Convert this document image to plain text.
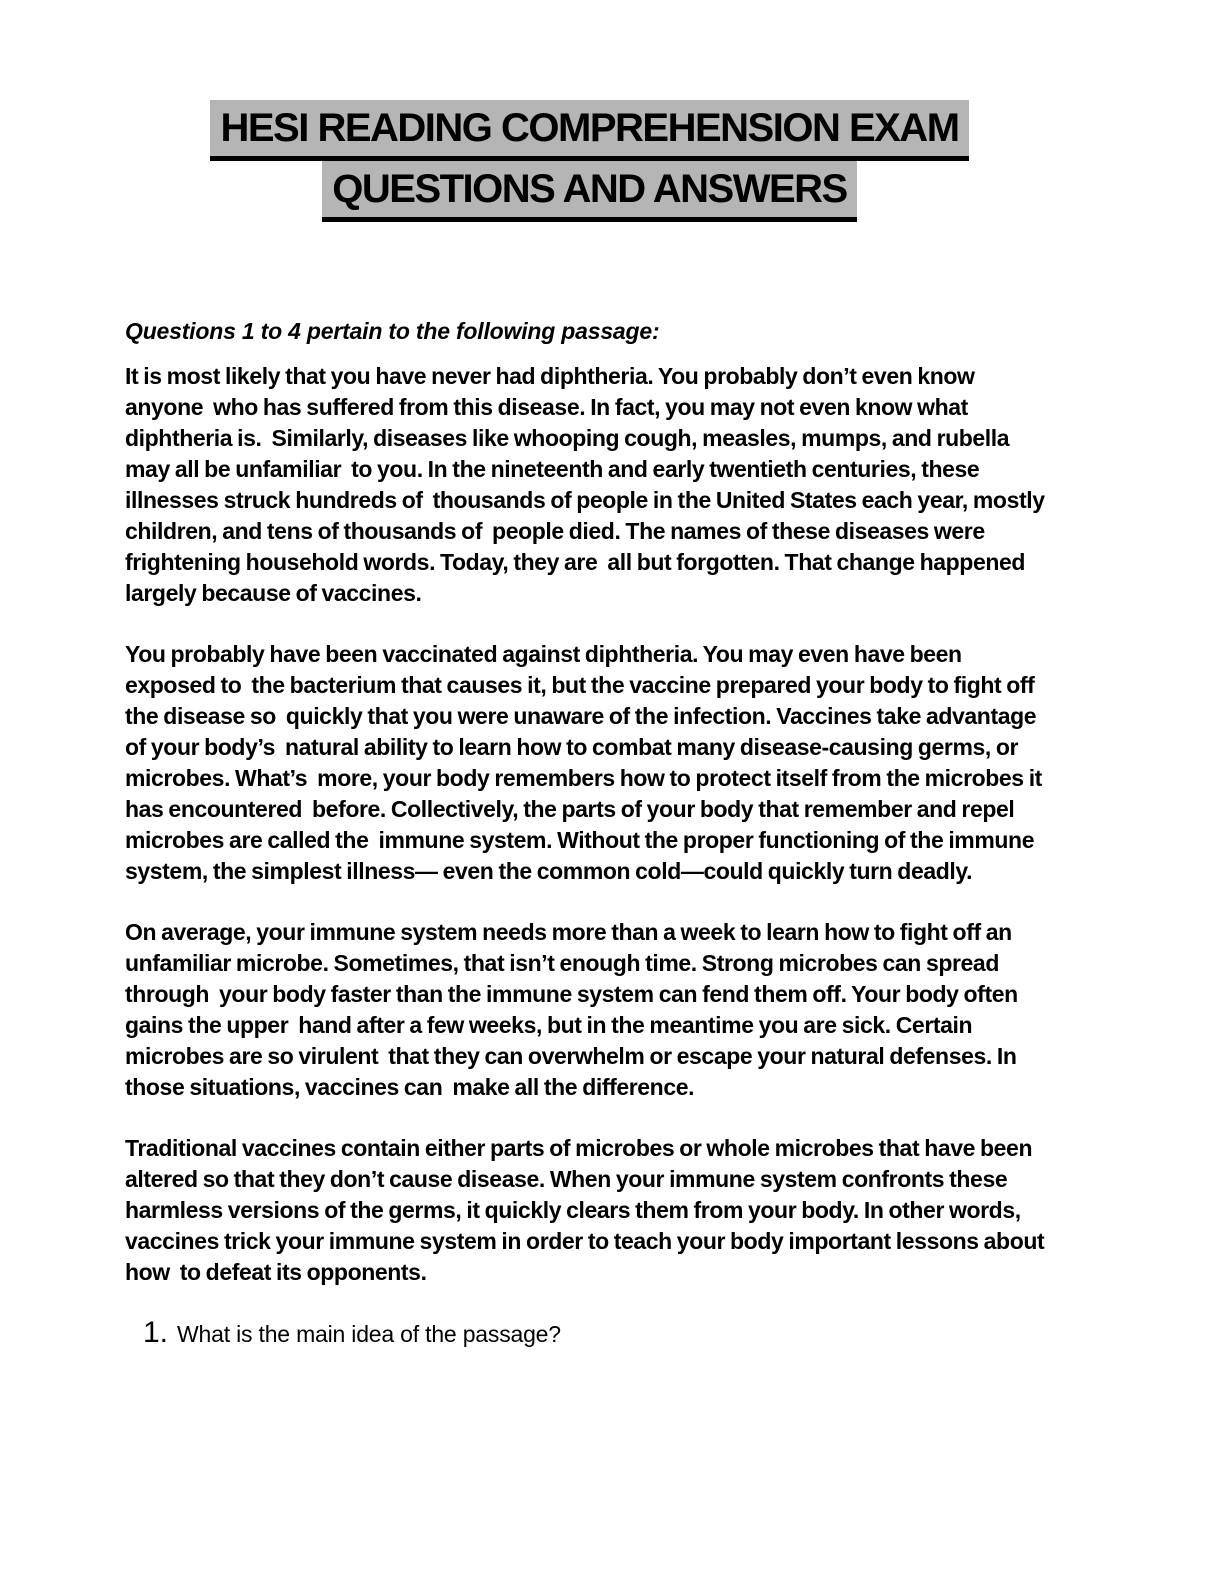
HESI READING COMPREHENSION EXAM
QUESTIONS AND ANSWERS
Questions 1 to 4 pertain to the following passage:

It is most likely that you have never had diphtheria. You probably don’t even know anyone  who has suffered from this disease. In fact, you may not even know what diphtheria is.  Similarly, diseases like whooping cough, measles, mumps, and rubella may all be unfamiliar  to you. In the nineteenth and early twentieth centuries, these illnesses struck hundreds of  thousands of people in the United States each year, mostly children, and tens of thousands of  people died. The names of these diseases were frightening household words. Today, they are  all but forgotten. That change happened largely because of vaccines.

You probably have been vaccinated against diphtheria. You may even have been exposed to  the bacterium that causes it, but the vaccine prepared your body to fight off the disease so  quickly that you were unaware of the infection. Vaccines take advantage of your body’s  natural ability to learn how to combat many disease-causing germs, or microbes. What’s  more, your body remembers how to protect itself from the microbes it has encountered  before. Collectively, the parts of your body that remember and repel microbes are called the  immune system. Without the proper functioning of the immune system, the simplest illness— even the common cold—could quickly turn deadly.

On average, your immune system needs more than a week to learn how to fight off an  unfamiliar microbe. Sometimes, that isn’t enough time. Strong microbes can spread through  your body faster than the immune system can fend them off. Your body often gains the upper  hand after a few weeks, but in the meantime you are sick. Certain microbes are so virulent  that they can overwhelm or escape your natural defenses. In those situations, vaccines can  make all the difference.

Traditional vaccines contain either parts of microbes or whole microbes that have been  altered so that they don’t cause disease. When your immune system confronts these  harmless versions of the germs, it quickly clears them from your body. In other words,  vaccines trick your immune system in order to teach your body important lessons about how  to defeat its opponents.

1. What is the main idea of the passage?
